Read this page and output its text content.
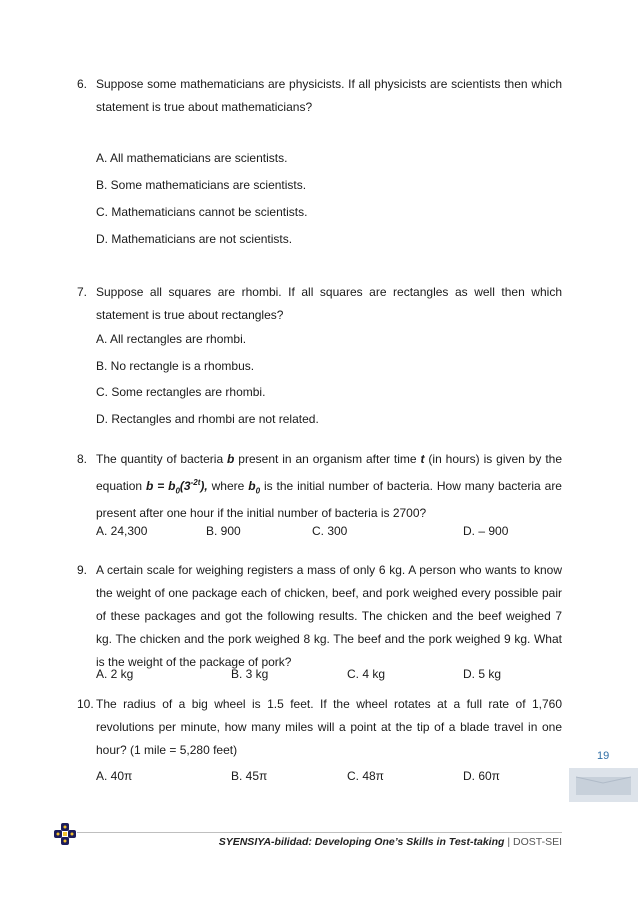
6. Suppose some mathematicians are physicists. If all physicists are scientists then which statement is true about mathematicians?
A. All mathematicians are scientists.
B. Some mathematicians are scientists.
C. Mathematicians cannot be scientists.
D. Mathematicians are not scientists.
7. Suppose all squares are rhombi. If all squares are rectangles as well then which statement is true about rectangles?
A. All rectangles are rhombi.
B. No rectangle is a rhombus.
C. Some rectangles are rhombi.
D. Rectangles and rhombi are not related.
8. The quantity of bacteria b present in an organism after time t (in hours) is given by the equation $b = b_0(3^{-2t})$, where $b_0$ is the initial number of bacteria. How many bacteria are present after one hour if the initial number of bacteria is 2700?
A. 24,300	B. 900	C. 300	D. – 900
9. A certain scale for weighing registers a mass of only 6 kg. A person who wants to know the weight of one package each of chicken, beef, and pork weighed every possible pair of these packages and got the following results. The chicken and the beef weighed 7 kg. The chicken and the pork weighed 8 kg. The beef and the pork weighed 9 kg. What is the weight of the package of pork?
A. 2 kg	B. 3 kg	C. 4 kg	D. 5 kg
10. The radius of a big wheel is 1.5 feet. If the wheel rotates at a full rate of 1,760 revolutions per minute, how many miles will a point at the tip of a blade travel in one hour? (1 mile = 5,280 feet)
A. 40π	B. 45π	C. 48π	D. 60π
19
SYENSIYA-bilidad: Developing One’s Skills in Test-taking | DOST-SEI
